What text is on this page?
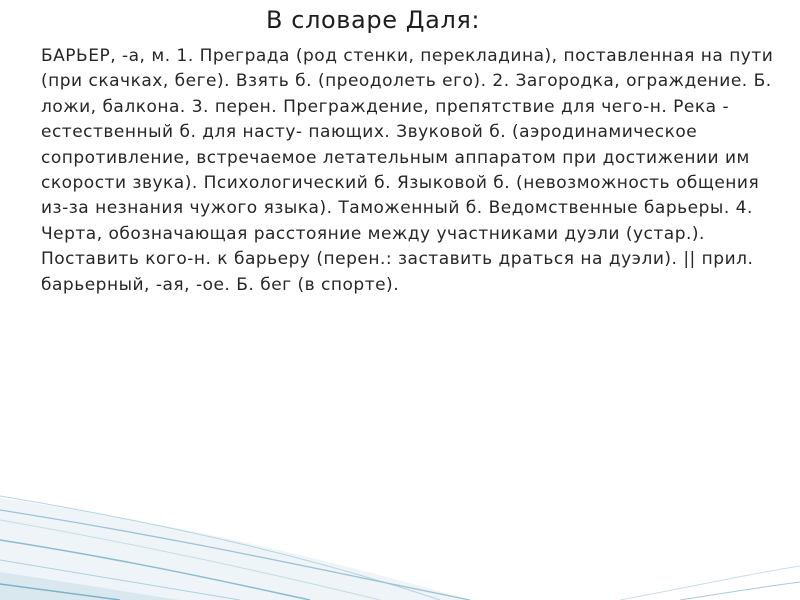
В словаре Даля:

БАРЬЕР, -а, м. 1. Преграда (род стенки, перекладина), поставленная на пути (при скачках, беге). Взять б. (преодолеть его). 2. Загородка, ограждение. Б. ложи, балкона. 3. перен. Преграждение, препятствие для чего-н. Река - естественный б. для насту- пающих. Звуковой б. (аэродинамическое сопротивление, встречаемое летательным аппаратом при достижении им скорости звука). Психологический б. Языковой б. (невозможность общения из-за незнания чужого языка). Таможенный б. Ведомственные барьеры. 4. Черта, обозначающая расстояние между участниками дуэли (устар.). Поставить кого-н. к барьеру (перен.: заставить драться на дуэли). || прил. барьерный, -ая, -ое. Б. бег (в спорте).
